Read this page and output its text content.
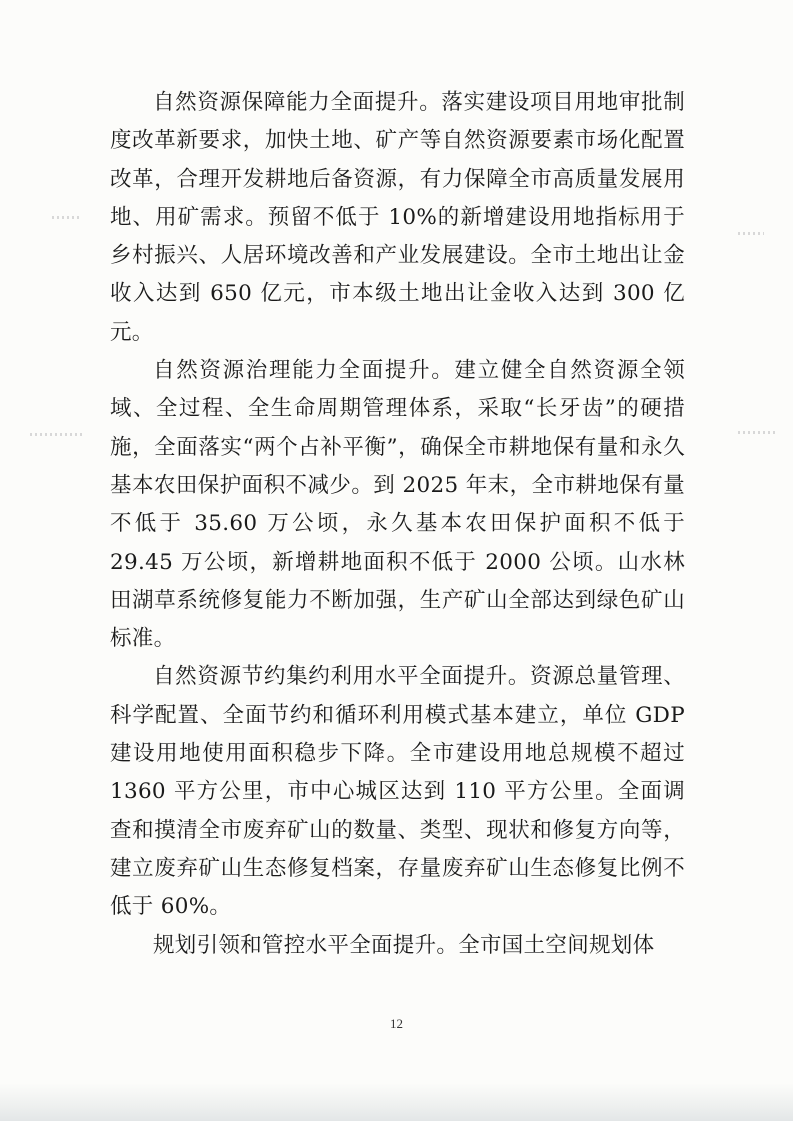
自然资源保障能力全面提升。落实建设项目用地审批制度改革新要求，加快土地、矿产等自然资源要素市场化配置改革，合理开发耕地后备资源，有力保障全市高质量发展用地、用矿需求。预留不低于 10%的新增建设用地指标用于乡村振兴、人居环境改善和产业发展建设。全市土地出让金收入达到 650 亿元，市本级土地出让金收入达到 300 亿元。

自然资源治理能力全面提升。建立健全自然资源全领域、全过程、全生命周期管理体系，采取“长牙齿”的硬措施，全面落实“两个占补平衡”，确保全市耕地保有量和永久基本农田保护面积不减少。到 2025 年末，全市耕地保有量不低于 35.60 万公顷，永久基本农田保护面积不低于 29.45 万公顷，新增耕地面积不低于 2000 公顷。山水林田湖草系统修复能力不断加强，生产矿山全部达到绿色矿山标准。

自然资源节约集约利用水平全面提升。资源总量管理、科学配置、全面节约和循环利用模式基本建立，单位 GDP 建设用地使用面积稳步下降。全市建设用地总规模不超过 1360 平方公里，市中心城区达到 110 平方公里。全面调查和摸清全市废弃矿山的数量、类型、现状和修复方向等，建立废弃矿山生态修复档案，存量废弃矿山生态修复比例不低于 60%。

规划引领和管控水平全面提升。全市国土空间规划体

12
